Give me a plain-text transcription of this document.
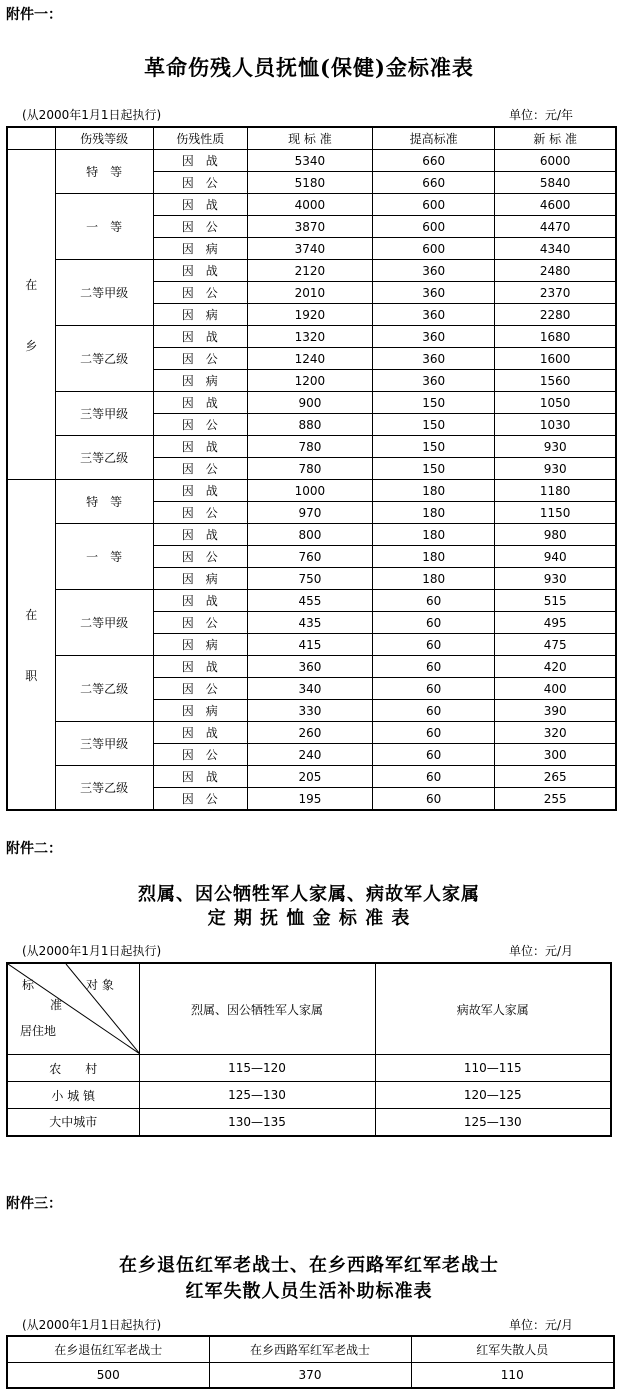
附件一：
革命伤残人员抚恤(保健)金标准表
(从2000年1月1日起执行)	单位：元/年
	伤残等级	伤残性质	现 标 准	提高标准	新 标 准

在
乡	特　等	因　战	5340	660	6000
		因　公	5180	660	5840
	一　等	因　战	4000	600	4600
		因　公	3870	600	4470
		因　病	3740	600	4340
	二等甲级	因　战	2120	360	2480
		因　公	2010	360	2370
		因　病	1920	360	2280
	二等乙级	因　战	1320	360	1680
		因　公	1240	360	1600
		因　病	1200	360	1560
	三等甲级	因　战	900	150	1050
		因　公	880	150	1030
	三等乙级	因　战	780	150	930
		因　公	780	150	930

在
职	特　等	因　战	1000	180	1180
		因　公	970	180	1150
	一　等	因　战	800	180	980
		因　公	760	180	940
		因　病	750	180	930
	二等甲级	因　战	455	60	515
		因　公	435	60	495
		因　病	415	60	475
	二等乙级	因　战	360	60	420
		因　公	340	60	400
		因　病	330	60	390
	三等甲级	因　战	260	60	320
		因　公	240	60	300
	三等乙级	因　战	205	60	265
		因　公	195	60	255
附件二：
烈属、因公牺牲军人家属、病故军人家属
定 期 抚 恤 金 标 准 表
(从2000年1月1日起执行)	单位：元/月
标
准
对 象
居住地	烈属、因公牺牲军人家属	病故军人家属
农　　村	115—120	110—115
小 城 镇	125—130	120—125
大中城市	130—135	125—130
附件三：
在乡退伍红军老战士、在乡西路军红军老战士
红军失散人员生活补助标准表
(从2000年1月1日起执行)	单位：元/月
在乡退伍红军老战士	在乡西路军红军老战士	红军失散人员
500	370	110
